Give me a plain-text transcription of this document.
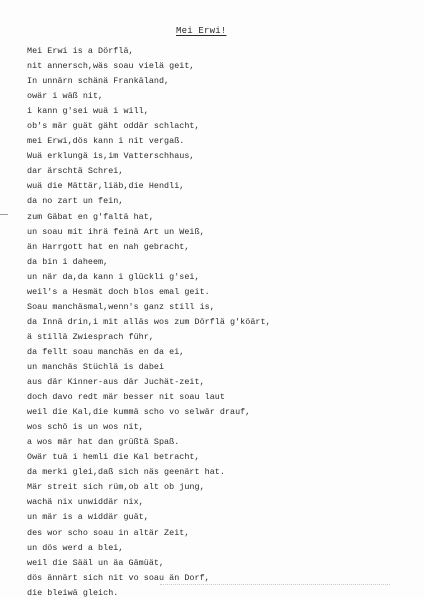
Mei Erwi!
Mei Erwi is a Dörflä,
nit annersch,wäs soau vielä geit,
In unnärn schänä Frankäland,
owär i wäß nit,
i kann g'sei wuä i will,
ob's mär guät gäht oddär schlacht,
mei Erwi,dös kann i nit vergaß.
Wuä erklungä is,im Vatterschhaus,
dar ärschtä Schrei,
wuä die Mättär,liäb,die Hendli,
da no zart un fein,
zum Gäbat en g'faltä hat,
un soau mit ihrä feinä Art un Weiß,
än Harrgott hat en nah gebracht,
da bin i daheem,
un när da,da kann i glückli g'sei,
weil's a Hesmät doch blos emal geit.
Soau manchäsmal,wenn's ganz still is,
da Innä drin,i mit alläs wos zum Dörflä g'köärt,
ä stillä Zwiesprach führ,
da fellt soau manchäs en da ei,
un manchäs Stüchlä is dabei
aus där Kinner-aus där Juchät-zeit,
doch davo redt mär besser nit soau laut
weil die Kal,die kummä scho vo selwär drauf,
wos schö is un wos nit,
a wos mär hat dan grüßtä Spaß.
Owär tuä i hemli die Kal betracht,
da merki glei,daß sich näs geenärt hat.
Mär streit sich rüm,ob alt ob jung,
wachä nix unwiddär nix,
un mär is a widdär guät,
des wor scho soau in altär Zeit,
un dös werd a blei,
weil die Sääl un äa Gämüät,
dös ännärt sich nit vo soau än Dorf,
die bleiwä gleich.
